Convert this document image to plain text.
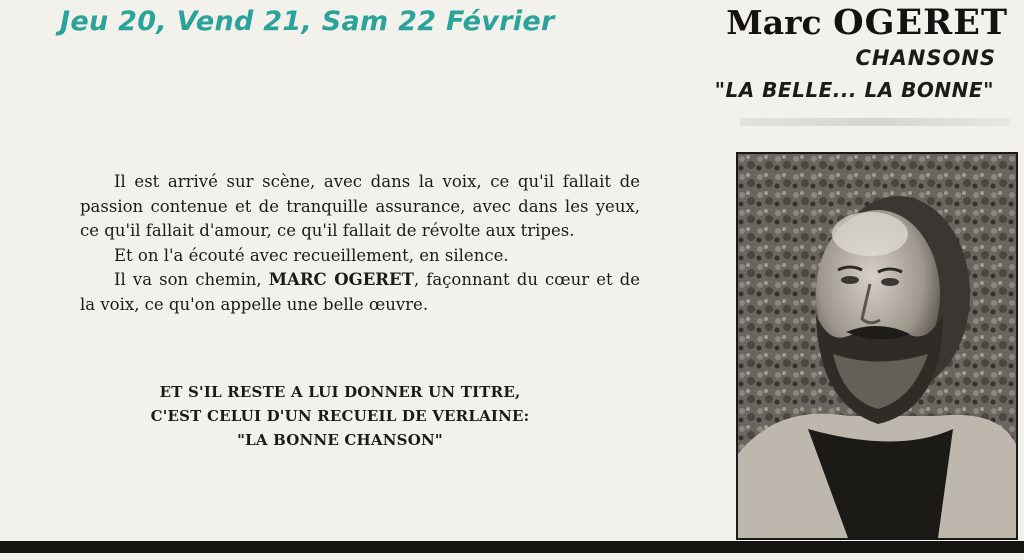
Jeu 20, Vend 21, Sam 22 Février	Marc OGERET
CHANSONS
"LA BELLE... LA BONNE"

Il est arrivé sur scène, avec dans la voix, ce qu'il fallait de passion contenue et de tranquille assurance, avec dans les yeux, ce qu'il fallait d'amour, ce qu'il fallait de révolte aux tripes.

Et on l'a écouté avec recueillement, en silence.

Il va son chemin, MARC OGERET, façonnant du cœur et de la voix, ce qu'on appelle une belle œuvre.

ET S'IL RESTE A LUI DONNER UN TITRE,
C'EST CELUI D'UN RECUEIL DE VERLAINE:
"LA BONNE CHANSON"
